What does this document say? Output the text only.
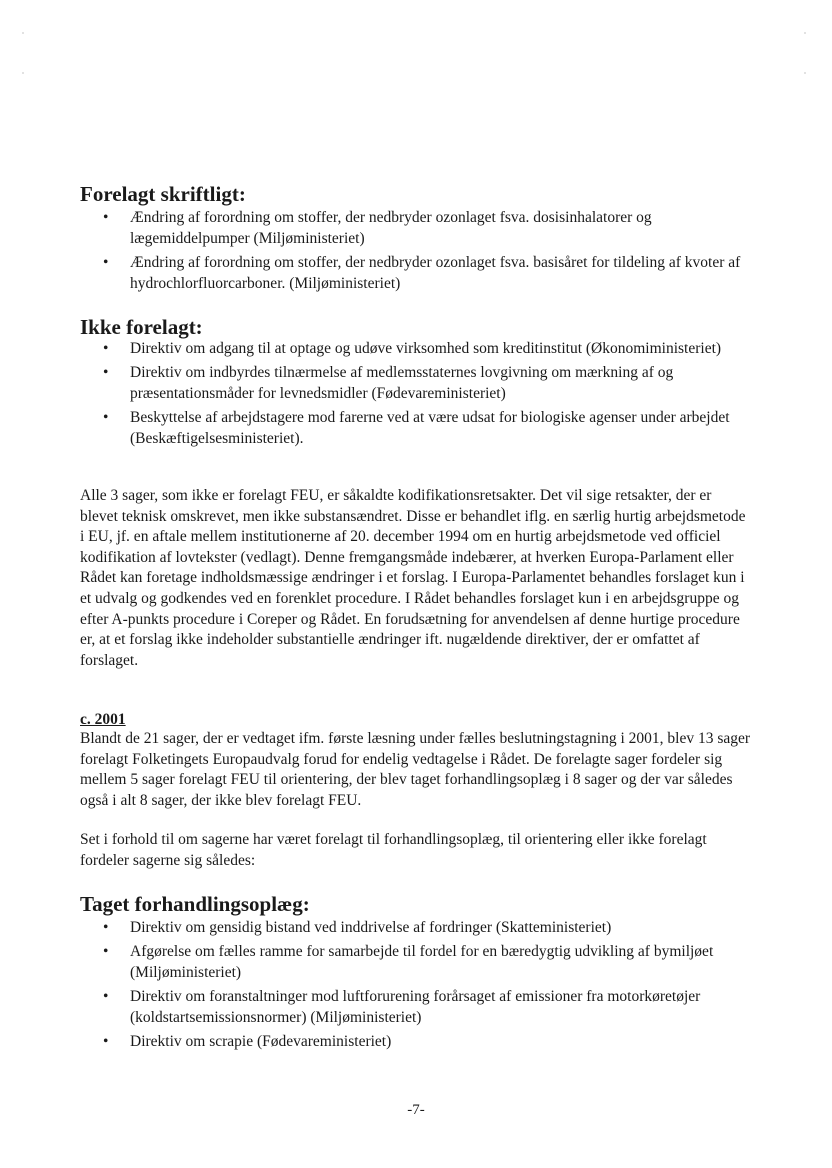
Forelagt skriftligt:
• Ændring af forordning om stoffer, der nedbryder ozonlaget fsva. dosisinhalatorer og lægemiddelpumper (Miljøministeriet)
• Ændring af forordning om stoffer, der nedbryder ozonlaget fsva. basisåret for tildeling af kvoter af hydrochlorfluorcarboner. (Miljøministeriet)
Ikke forelagt:
• Direktiv om adgang til at optage og udøve virksomhed som kreditinstitut (Økonomiministeriet)
• Direktiv om indbyrdes tilnærmelse af medlemsstaternes lovgivning om mærkning af og præsentationsmåder for levnedsmidler (Fødevareministeriet)
• Beskyttelse af arbejdstagere mod farerne ved at være udsat for biologiske agenser under arbejdet (Beskæftigelsesministeriet).

Alle 3 sager, som ikke er forelagt FEU, er såkaldte kodifikationsretsakter. Det vil sige retsakter, der er blevet teknisk omskrevet, men ikke substansændret. Disse er behandlet iflg. en særlig hurtig arbejdsmetode i EU, jf. en aftale mellem institutionerne af 20. december 1994 om en hurtig arbejdsmetode ved officiel kodifikation af lovtekster (vedlagt). Denne fremgangsmåde indebærer, at hverken Europa-Parlament eller Rådet kan foretage indholdsmæssige ændringer i et forslag. I Europa-Parlamentet behandles forslaget kun i et udvalg og godkendes ved en forenklet procedure. I Rådet behandles forslaget kun i en arbejdsgruppe og efter A-punkts procedure i Coreper og Rådet. En forudsætning for anvendelsen af denne hurtige procedure er, at et forslag ikke indeholder substantielle ændringer ift. nugældende direktiver, der er omfattet af forslaget.

c. 2001

Blandt de 21 sager, der er vedtaget ifm. første læsning under fælles beslutningstagning i 2001, blev 13 sager forelagt Folketingets Europaudvalg forud for endelig vedtagelse i Rådet. De forelagte sager fordeler sig mellem 5 sager forelagt FEU til orientering, der blev taget forhandlingsoplæg i 8 sager og der var således også i alt 8 sager, der ikke blev forelagt FEU.

Set i forhold til om sagerne har været forelagt til forhandlingsoplæg, til orientering eller ikke forelagt fordeler sagerne sig således:

Taget forhandlingsoplæg:
• Direktiv om gensidig bistand ved inddrivelse af fordringer (Skatteministeriet)
• Afgørelse om fælles ramme for samarbejde til fordel for en bæredygtig udvikling af bymiljøet (Miljøministeriet)
• Direktiv om foranstaltninger mod luftforurening forårsaget af emissioner fra motorkøretøjer (koldstartsemissionsnormer) (Miljøministeriet)
• Direktiv om scrapie (Fødevareministeriet)
-7-
